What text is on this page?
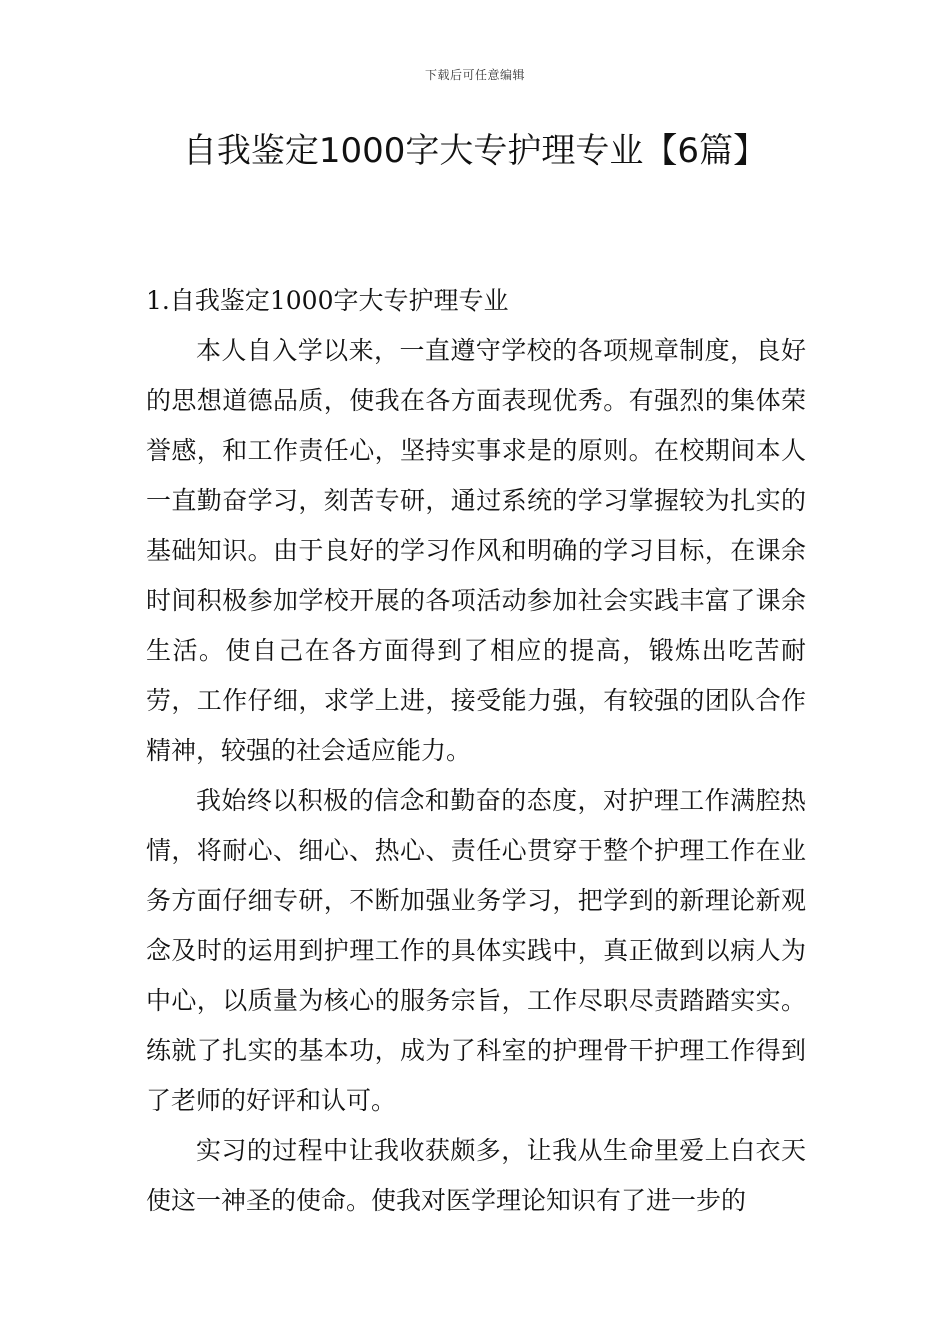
下载后可任意编辑
自我鉴定1000字大专护理专业【6篇】

1.自我鉴定1000字大专护理专业

本人自入学以来，一直遵守学校的各项规章制度，良好的思想道德品质，使我在各方面表现优秀。有强烈的集体荣誉感，和工作责任心，坚持实事求是的原则。在校期间本人一直勤奋学习，刻苦专研，通过系统的学习掌握较为扎实的基础知识。由于良好的学习作风和明确的学习目标，在课余时间积极参加学校开展的各项活动参加社会实践丰富了课余生活。使自己在各方面得到了相应的提高，锻炼出吃苦耐劳，工作仔细，求学上进，接受能力强，有较强的团队合作精神，较强的社会适应能力。

我始终以积极的信念和勤奋的态度，对护理工作满腔热情，将耐心、细心、热心、责任心贯穿于整个护理工作在业务方面仔细专研，不断加强业务学习，把学到的新理论新观念及时的运用到护理工作的具体实践中，真正做到以病人为中心，以质量为核心的服务宗旨，工作尽职尽责踏踏实实。练就了扎实的基本功，成为了科室的护理骨干护理工作得到了老师的好评和认可。

实习的过程中让我收获颇多，让我从生命里爱上白衣天使这一神圣的使命。使我对医学理论知识有了进一步的
